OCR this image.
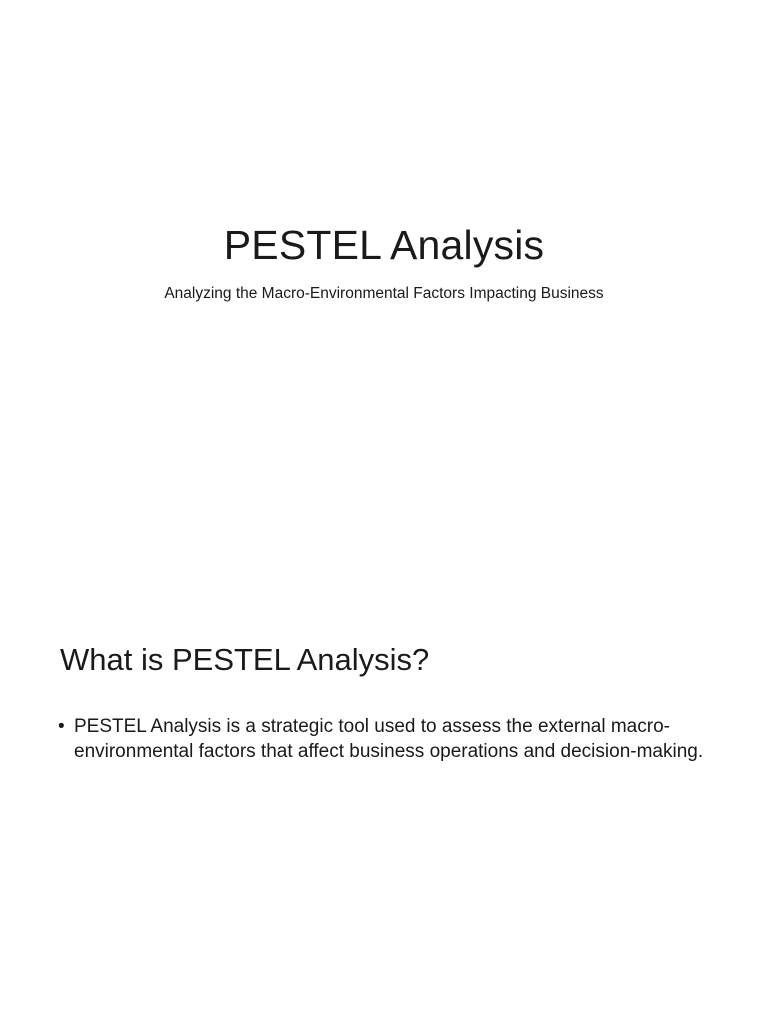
PESTEL Analysis

Analyzing the Macro-Environmental Factors Impacting Business

What is PESTEL Analysis?
• PESTEL Analysis is a strategic tool used to assess the external macro-environmental factors that affect business operations and decision-making.
